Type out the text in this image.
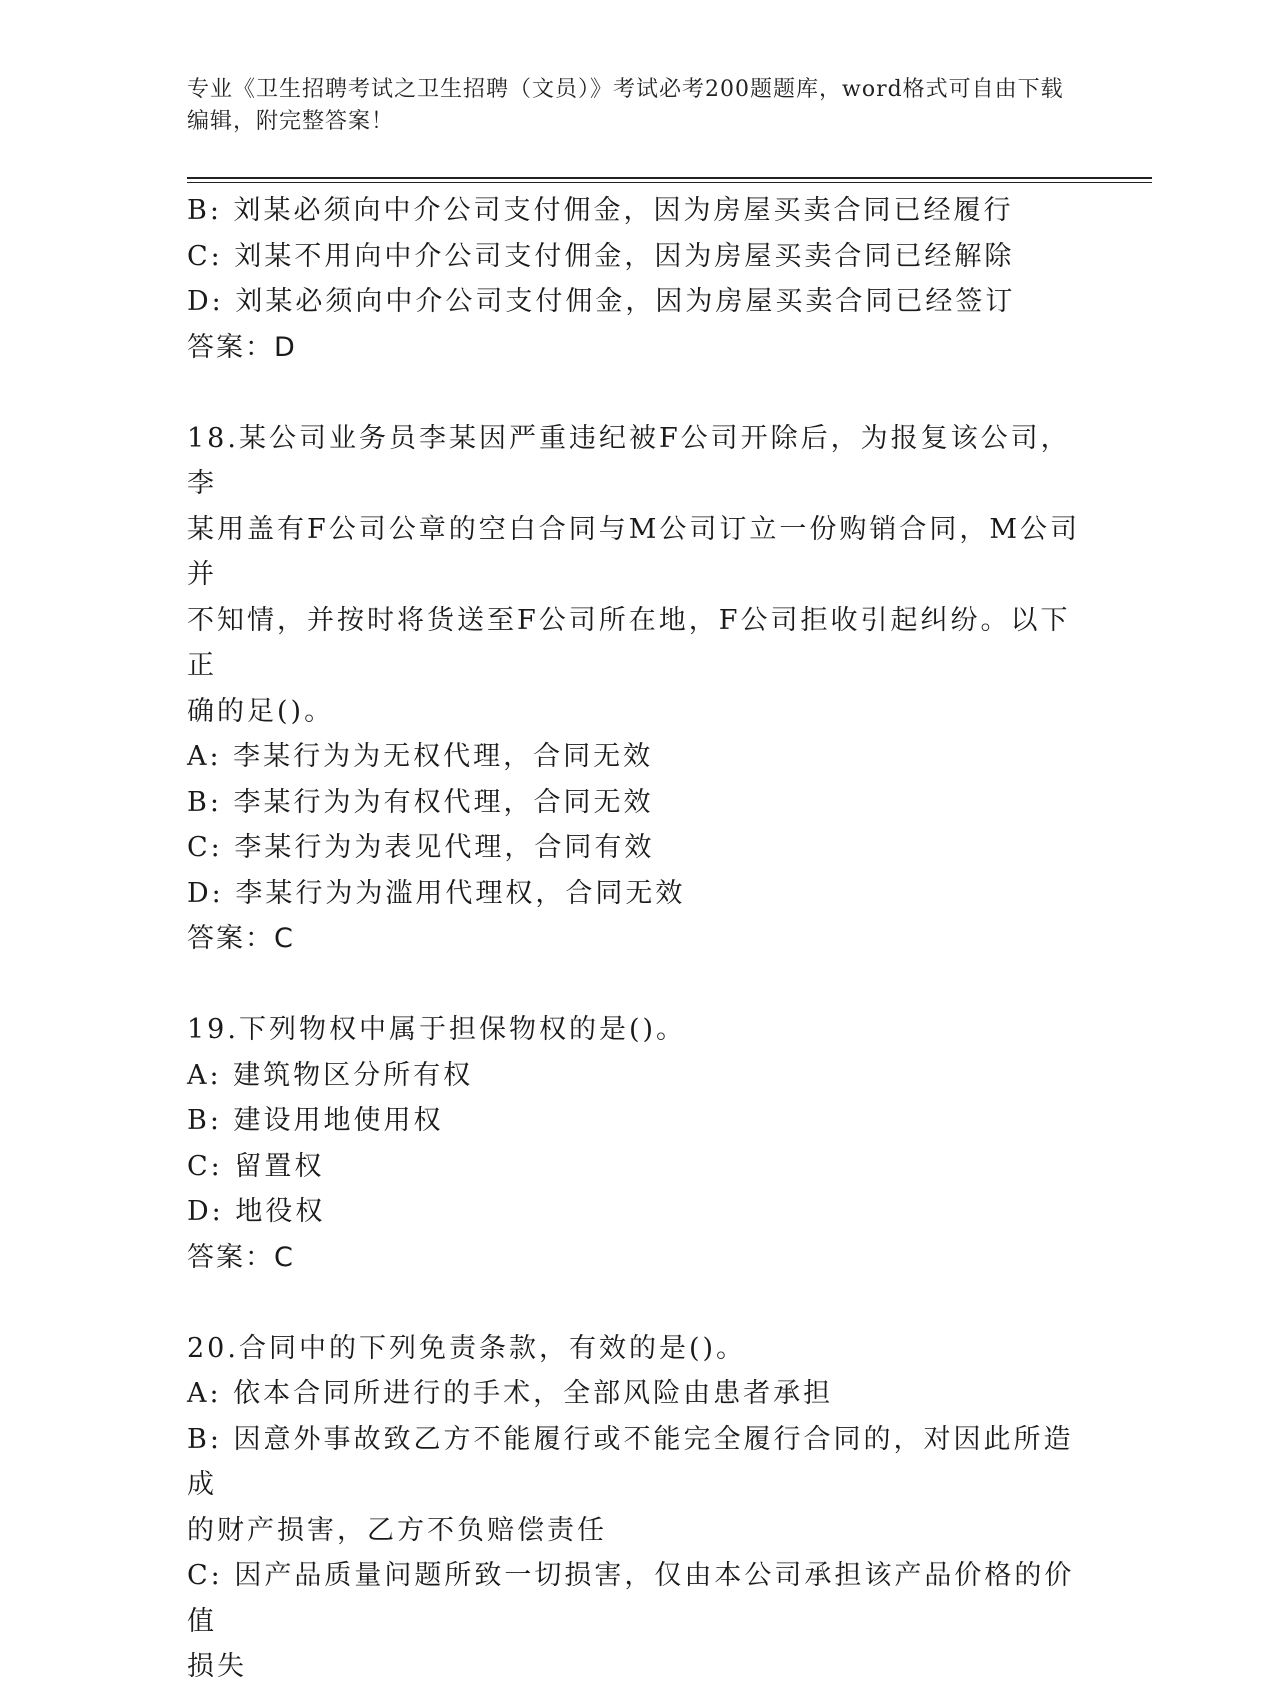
专业《卫生招聘考试之卫生招聘（文员）》考试必考200题题库，word格式可自由下载编辑，附完整答案！
B: 刘某必须向中介公司支付佣金，因为房屋买卖合同已经履行
C: 刘某不用向中介公司支付佣金，因为房屋买卖合同已经解除
D: 刘某必须向中介公司支付佣金，因为房屋买卖合同已经签订
答案：D
18.某公司业务员李某因严重违纪被F公司开除后，为报复该公司，李
某用盖有F公司公章的空白合同与M公司订立一份购销合同，M公司并
不知情，并按时将货送至F公司所在地，F公司拒收引起纠纷。以下正
确的足()。
A: 李某行为为无权代理，合同无效
B: 李某行为为有权代理，合同无效
C: 李某行为为表见代理，合同有效
D: 李某行为为滥用代理权，合同无效
答案：C
19.下列物权中属于担保物权的是()。
A: 建筑物区分所有权
B: 建设用地使用权
C: 留置权
D: 地役权
答案：C
20.合同中的下列免责条款，有效的是()。
A: 依本合同所进行的手术，全部风险由患者承担
B: 因意外事故致乙方不能履行或不能完全履行合同的，对因此所造成
的财产损害，乙方不负赔偿责任
C: 因产品质量问题所致一切损害，仅由本公司承担该产品价格的价值
损失
